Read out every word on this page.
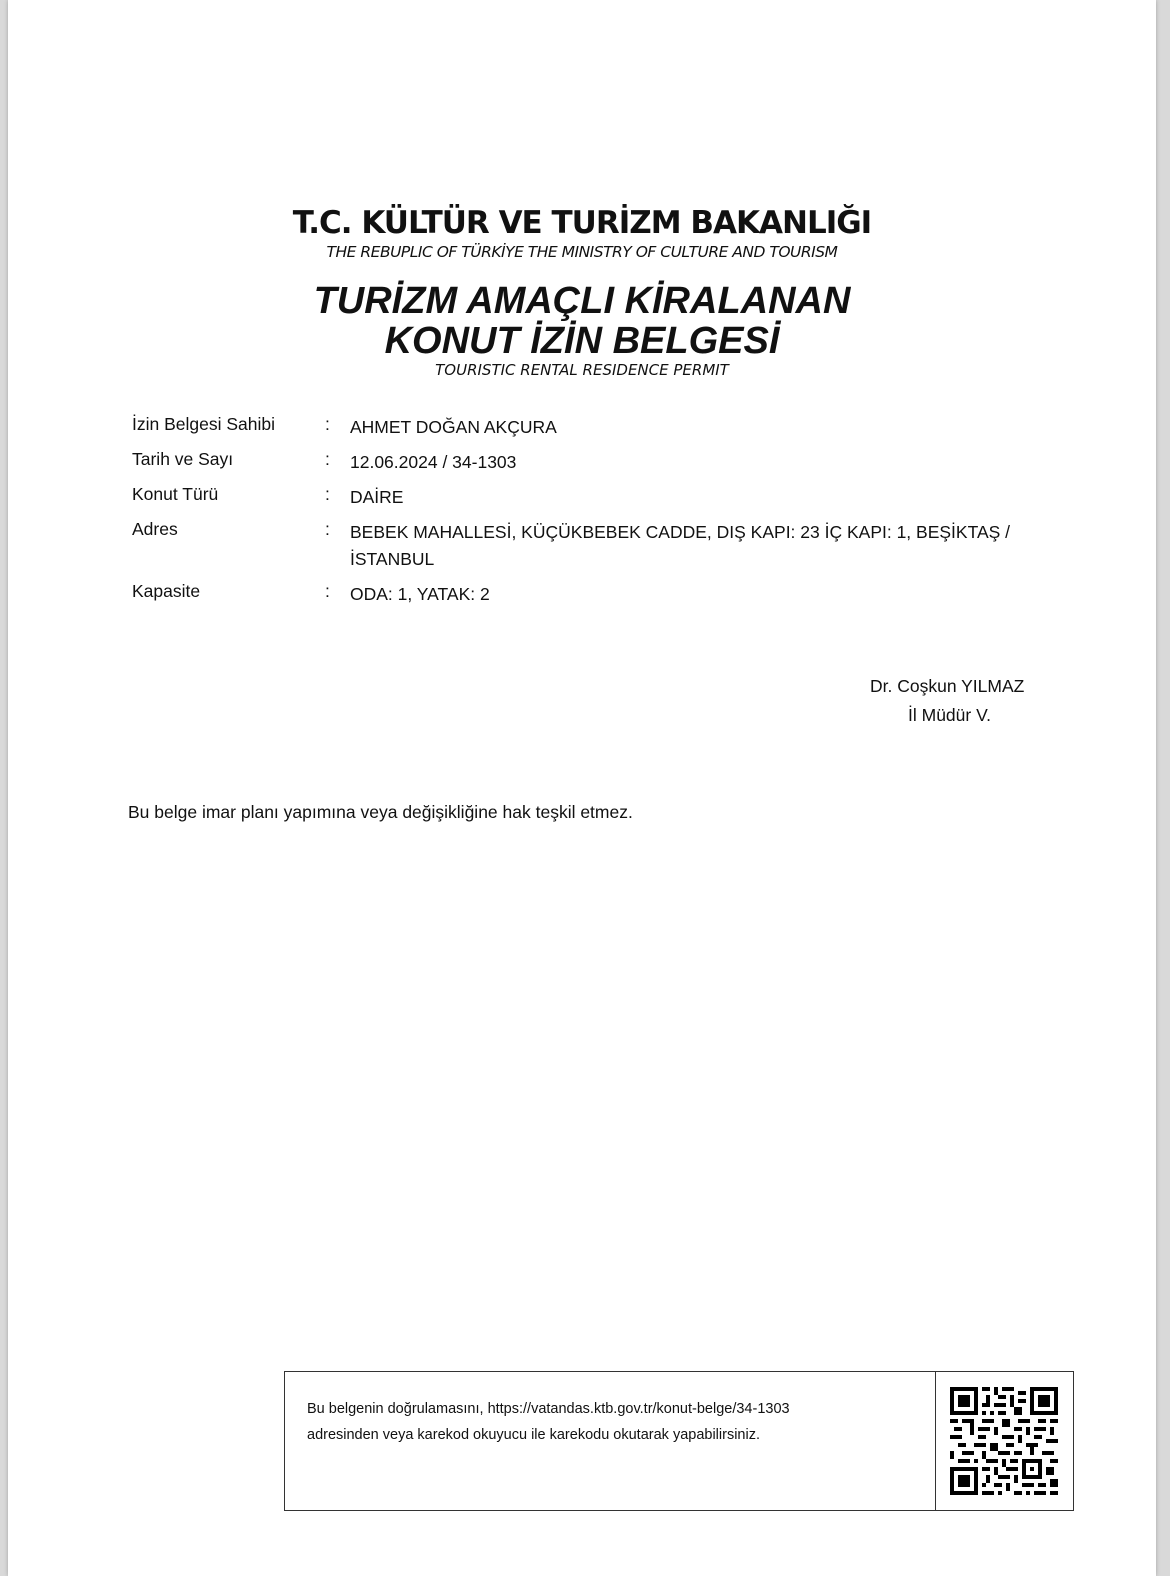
T.C. KÜLTÜR VE TURİZM BAKANLIĞI
THE REBUPLIC OF TÜRKİYE THE MINISTRY OF CULTURE AND TOURISM
TURİZM AMAÇLI KİRALANAN
KONUT İZİN BELGESİ
TOURISTIC RENTAL RESIDENCE PERMIT
İzin Belgesi Sahibi	: AHMET DOĞAN AKÇURA
Tarih ve Sayı	: 12.06.2024 / 34-1303
Konut Türü	: DAİRE
Adres	: BEBEK MAHALLESİ, KÜÇÜKBEBEK CADDE, DIŞ KAPI: 23 İÇ KAPI: 1, BEŞİKTAŞ / İSTANBUL
Kapasite	: ODA: 1, YATAK: 2
Dr. Coşkun YILMAZ
İl Müdür V.
Bu belge imar planı yapımına veya değişikliğine hak teşkil etmez.
Bu belgenin doğrulamasını, https://vatandas.ktb.gov.tr/konut-belge/34-1303
adresinden veya karekod okuyucu ile karekodu okutarak yapabilirsiniz.
